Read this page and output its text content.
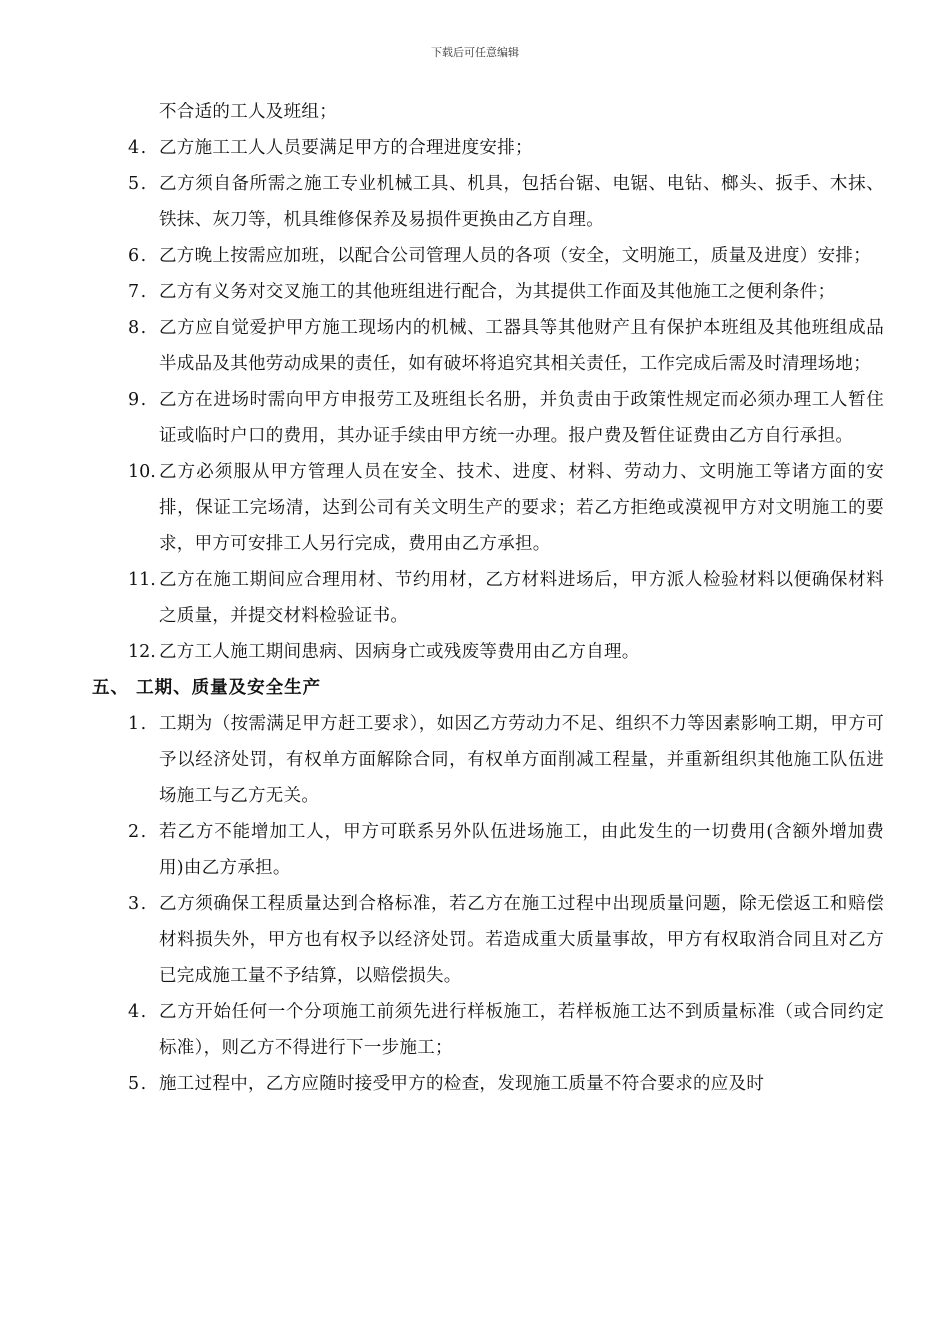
下载后可任意编辑
不合适的工人及班组；
4. 乙方施工工人人员要满足甲方的合理进度安排；
5. 乙方须自备所需之施工专业机械工具、机具，包括台锯、电锯、电钻、榔头、扳手、木抹、铁抹、灰刀等，机具维修保养及易损件更换由乙方自理。
6. 乙方晚上按需应加班，以配合公司管理人员的各项（安全，文明施工，质量及进度）安排；
7. 乙方有义务对交叉施工的其他班组进行配合，为其提供工作面及其他施工之便利条件；
8. 乙方应自觉爱护甲方施工现场内的机械、工器具等其他财产且有保护本班组及其他班组成品半成品及其他劳动成果的责任，如有破坏将追究其相关责任，工作完成后需及时清理场地；
9. 乙方在进场时需向甲方申报劳工及班组长名册，并负责由于政策性规定而必须办理工人暂住证或临时户口的费用，其办证手续由甲方统一办理。报户费及暂住证费由乙方自行承担。
10. 乙方必须服从甲方管理人员在安全、技术、进度、材料、劳动力、文明施工等诸方面的安排，保证工完场清，达到公司有关文明生产的要求；若乙方拒绝或漠视甲方对文明施工的要求，甲方可安排工人另行完成，费用由乙方承担。
11. 乙方在施工期间应合理用材、节约用材，乙方材料进场后，甲方派人检验材料以便确保材料之质量，并提交材料检验证书。
12. 乙方工人施工期间患病、因病身亡或残废等费用由乙方自理。
五、 工期、质量及安全生产
1. 工期为（按需满足甲方赶工要求），如因乙方劳动力不足、组织不力等因素影响工期，甲方可予以经济处罚，有权单方面解除合同，有权单方面削减工程量，并重新组织其他施工队伍进场施工与乙方无关。
2. 若乙方不能增加工人，甲方可联系另外队伍进场施工，由此发生的一切费用(含额外增加费用)由乙方承担。
3. 乙方须确保工程质量达到合格标准，若乙方在施工过程中出现质量问题，除无偿返工和赔偿材料损失外，甲方也有权予以经济处罚。若造成重大质量事故，甲方有权取消合同且对乙方已完成施工量不予结算，以赔偿损失。
4. 乙方开始任何一个分项施工前须先进行样板施工，若样板施工达不到质量标准（或合同约定标准），则乙方不得进行下一步施工；
5. 施工过程中，乙方应随时接受甲方的检查，发现施工质量不符合要求的应及时
